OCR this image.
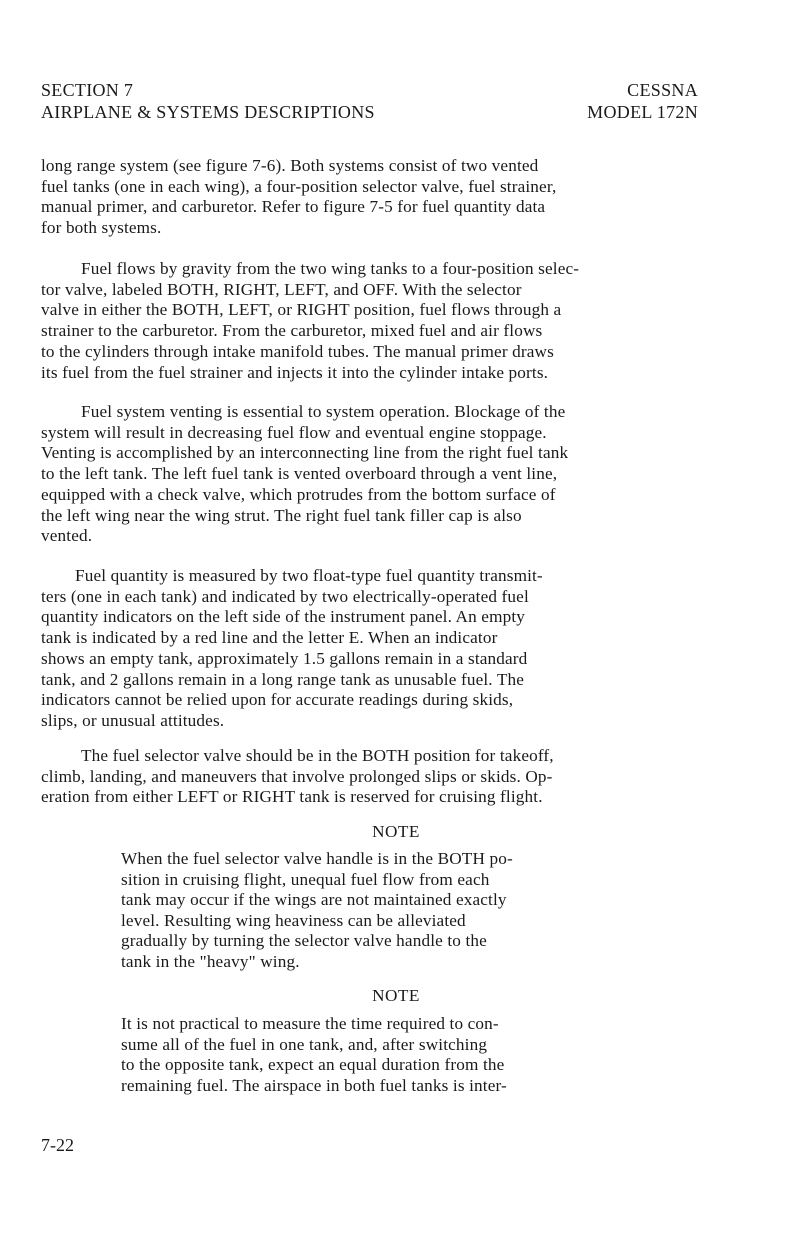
SECTION 7
AIRPLANE & SYSTEMS DESCRIPTIONS
CESSNA
MODEL 172N
long range system (see figure 7-6). Both systems consist of two vented
fuel tanks (one in each wing), a four-position selector valve, fuel strainer,
manual primer, and carburetor. Refer to figure 7-5 for fuel quantity data
for both systems.
Fuel flows by gravity from the two wing tanks to a four-position selec-
tor valve, labeled BOTH, RIGHT, LEFT, and OFF. With the selector
valve in either the BOTH, LEFT, or RIGHT position, fuel flows through a
strainer to the carburetor. From the carburetor, mixed fuel and air flows
to the cylinders through intake manifold tubes. The manual primer draws
its fuel from the fuel strainer and injects it into the cylinder intake ports.
Fuel system venting is essential to system operation. Blockage of the
system will result in decreasing fuel flow and eventual engine stoppage.
Venting is accomplished by an interconnecting line from the right fuel tank
to the left tank. The left fuel tank is vented overboard through a vent line,
equipped with a check valve, which protrudes from the bottom surface of
the left wing near the wing strut. The right fuel tank filler cap is also
vented.
Fuel quantity is measured by two float-type fuel quantity transmit-
ters (one in each tank) and indicated by two electrically-operated fuel
quantity indicators on the left side of the instrument panel. An empty
tank is indicated by a red line and the letter E. When an indicator
shows an empty tank, approximately 1.5 gallons remain in a standard
tank, and 2 gallons remain in a long range tank as unusable fuel. The
indicators cannot be relied upon for accurate readings during skids,
slips, or unusual attitudes.
The fuel selector valve should be in the BOTH position for takeoff,
climb, landing, and maneuvers that involve prolonged slips or skids. Op-
eration from either LEFT or RIGHT tank is reserved for cruising flight.
NOTE
When the fuel selector valve handle is in the BOTH po-
sition in cruising flight, unequal fuel flow from each
tank may occur if the wings are not maintained exactly
level. Resulting wing heaviness can be alleviated
gradually by turning the selector valve handle to the
tank in the "heavy" wing.
NOTE
It is not practical to measure the time required to con-
sume all of the fuel in one tank, and, after switching
to the opposite tank, expect an equal duration from the
remaining fuel. The airspace in both fuel tanks is inter-
7-22
